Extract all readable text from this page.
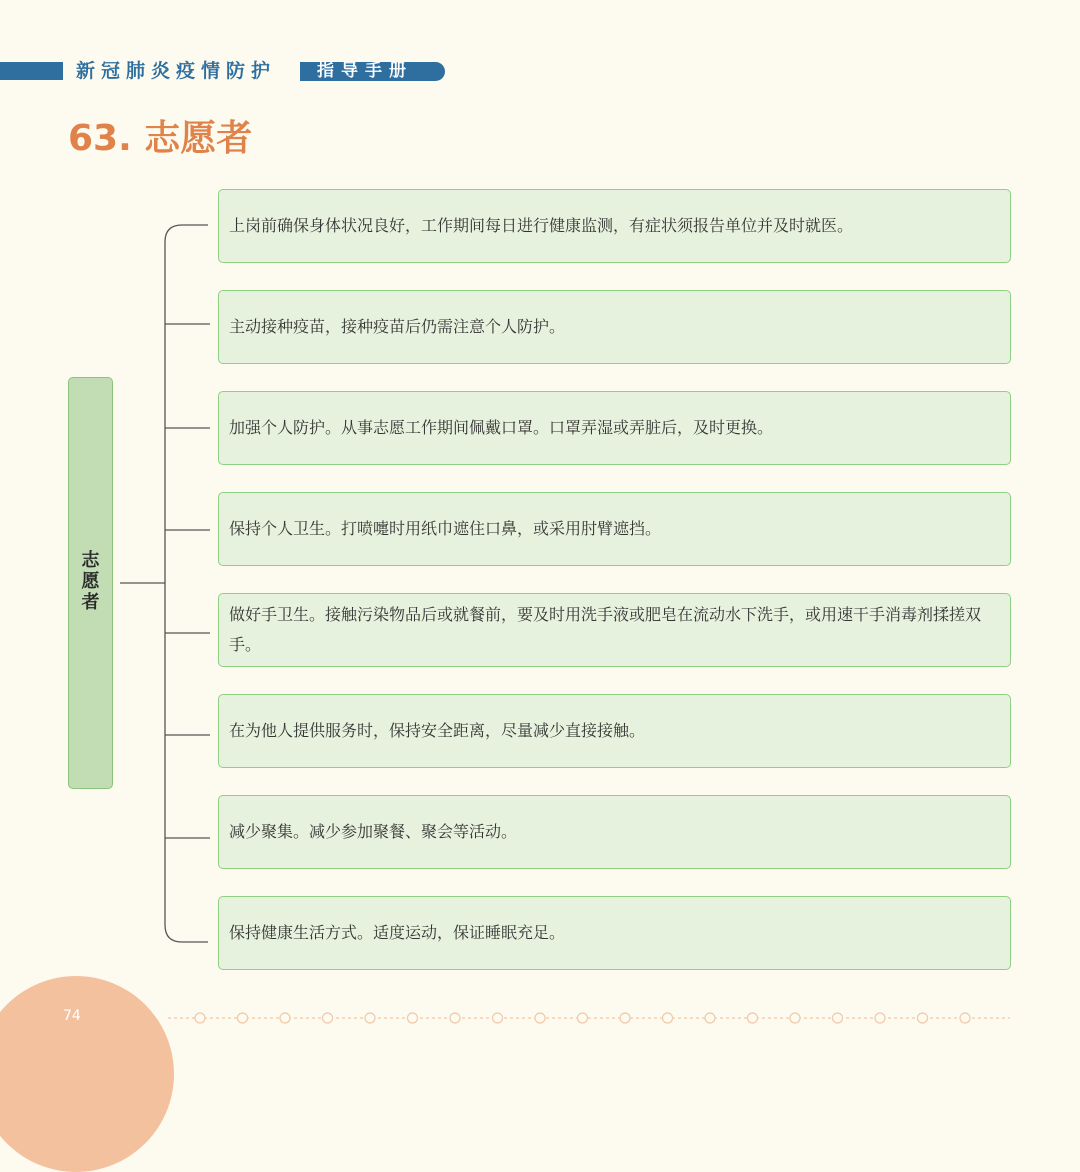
新冠肺炎疫情防护 指导手册
63. 志愿者
志
愿
者
上岗前确保身体状况良好，工作期间每日进行健康监测，有症状须报告单位并及时就医。
主动接种疫苗，接种疫苗后仍需注意个人防护。
加强个人防护。从事志愿工作期间佩戴口罩。口罩弄湿或弄脏后，及时更换。
保持个人卫生。打喷嚏时用纸巾遮住口鼻，或采用肘臂遮挡。
做好手卫生。接触污染物品后或就餐前，要及时用洗手液或肥皂在流动水下洗手，或用速干手消毒剂揉搓双手。
在为他人提供服务时，保持安全距离，尽量减少直接接触。
减少聚集。减少参加聚餐、聚会等活动。
保持健康生活方式。适度运动，保证睡眠充足。
74
